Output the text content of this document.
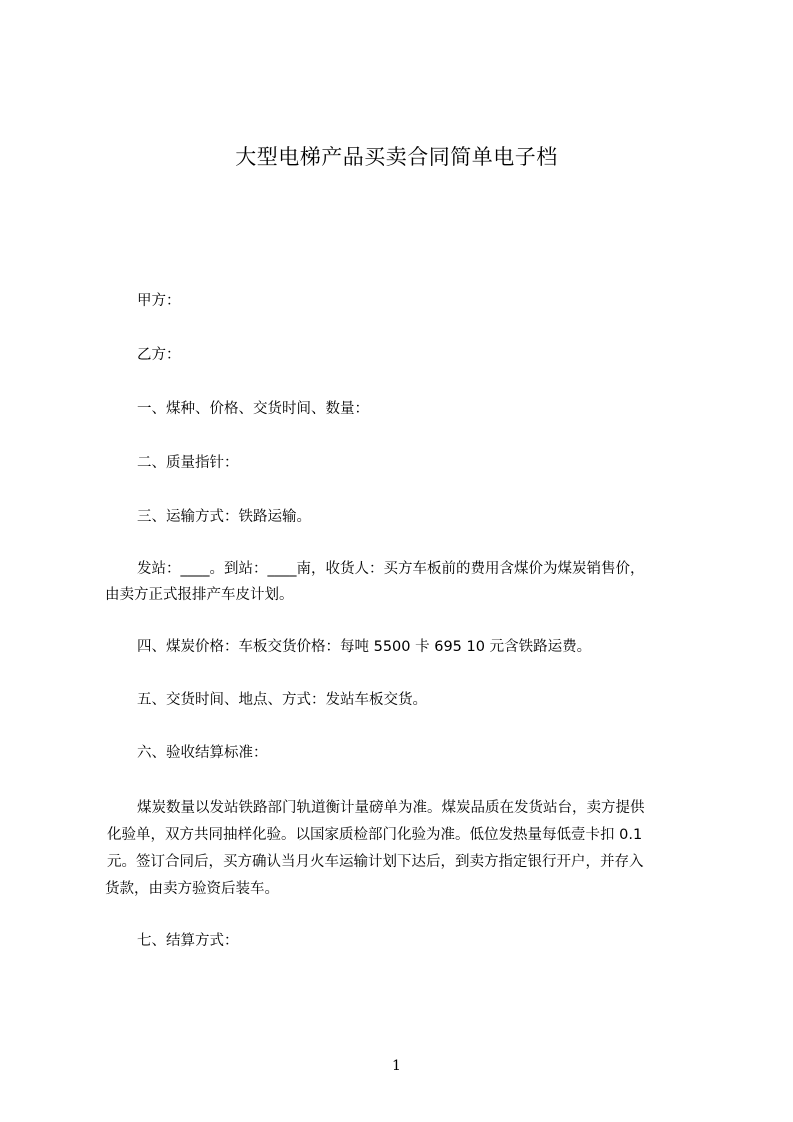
大型电梯产品买卖合同简单电子档
甲方：
乙方：
一、煤种、价格、交货时间、数量：
二、质量指针：
三、运输方式：铁路运输。
发站：____。到站：____南，收货人：买方车板前的费用含煤价为煤炭销售价，
由卖方正式报排产车皮计划。
四、煤炭价格：车板交货价格：每吨 5500 卡 695 10 元含铁路运费。
五、交货时间、地点、方式：发站车板交货。
六、验收结算标准：
煤炭数量以发站铁路部门轨道衡计量磅单为准。煤炭品质在发货站台，卖方提供
化验单，双方共同抽样化验。以国家质检部门化验为准。低位发热量每低壹卡扣 0.1
元。签订合同后，买方确认当月火车运输计划下达后，到卖方指定银行开户，并存入
货款，由卖方验资后装车。
七、结算方式：
1
